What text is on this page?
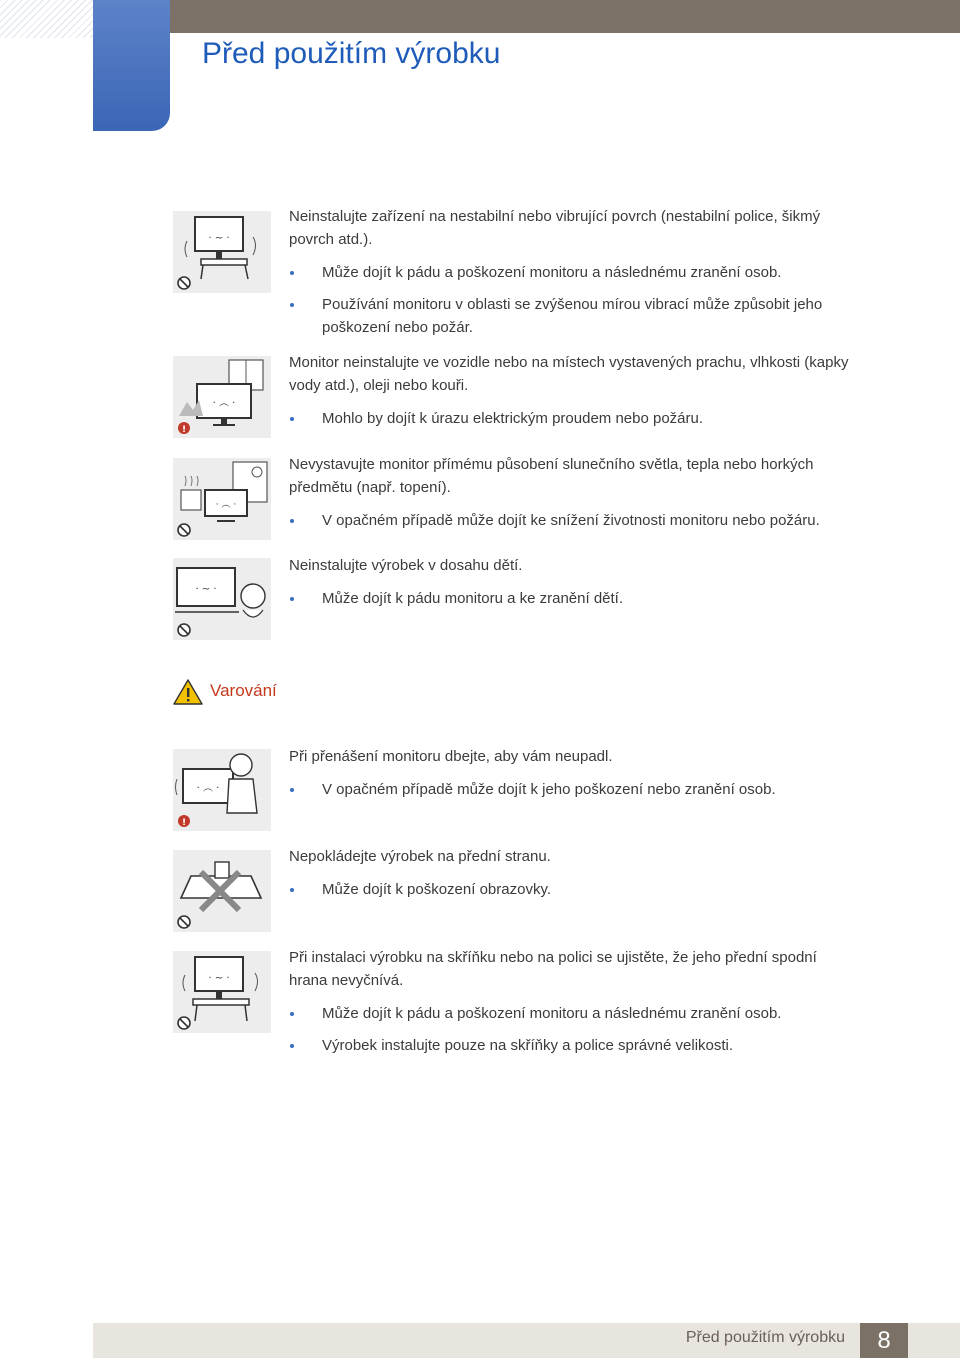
Před použitím výrobku
· ~ ·

Neinstalujte zařízení na nestabilní nebo vibrující povrch (nestabilní police, šikmý povrch atd.).

Může dojít k pádu a poškození monitoru a následnému zranění osob.
Používání monitoru v oblasti se zvýšenou mírou vibrací může způsobit jeho poškození nebo požár.
· ︵ ·
!

Monitor neinstalujte ve vozidle nebo na místech vystavených prachu, vlhkosti (kapky vody atd.), oleji nebo kouři.

Mohlo by dojít k úrazu elektrickým proudem nebo požáru.
· ︵ ·

Nevystavujte monitor přímému působení slunečního světla, tepla nebo horkých předmětu (např. topení).

V opačném případě může dojít ke snížení životnosti monitoru nebo požáru.
· ~ ·

Neinstalujte výrobek v dosahu dětí.

Může dojít k pádu monitoru a ke zranění dětí.
Varování
· ︵ ·
!

Při přenášení monitoru dbejte, aby vám neupadl.

V opačném případě může dojít k jeho poškození nebo zranění osob.

Nepokládejte výrobek na přední stranu.

Může dojít k poškození obrazovky.
· ~ ·

Při instalaci výrobku na skříňku nebo na polici se ujistěte, že jeho přední spodní hrana nevyčnívá.

Může dojít k pádu a poškození monitoru a následnému zranění osob.
Výrobek instalujte pouze na skříňky a police správné velikosti.
Před použitím výrobku	8
